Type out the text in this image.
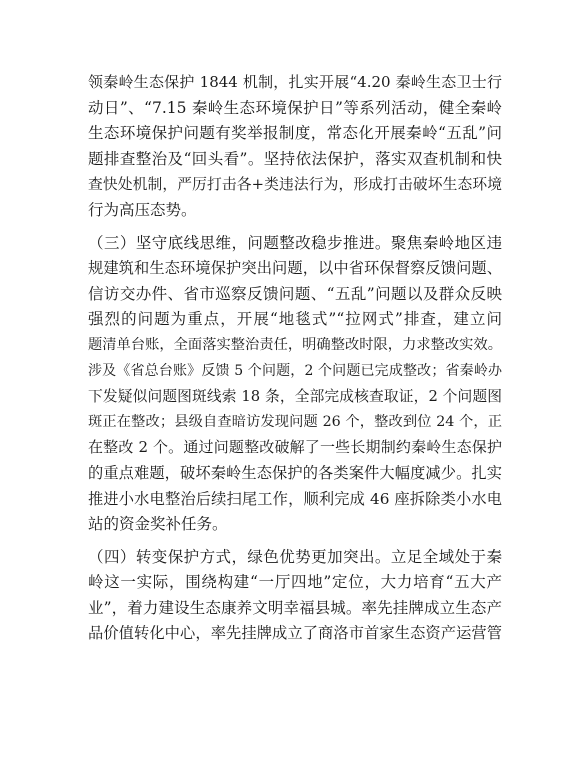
领秦岭生态保护 1844 机制，扎实开展“4.20 秦岭生态卫士行
动日”、“7.15 秦岭生态环境保护日”等系列活动，健全秦岭
生态环境保护问题有奖举报制度，常态化开展秦岭“五乱”问
题排查整治及“回头看”。坚持依法保护，落实双查机制和快
查快处机制，严厉打击各+类违法行为，形成打击破坏生态环境
行为高压态势。
（三）坚守底线思维，问题整改稳步推进。聚焦秦岭地区违
规建筑和生态环境保护突出问题，以中省环保督察反馈问题、
信访交办件、省市巡察反馈问题、“五乱”问题以及群众反映
强烈的问题为重点，开展“地毯式”“拉网式”排查，建立问
题清单台账，全面落实整治责任，明确整改时限，力求整改实效。
涉及《省总台账》反馈 5 个问题，2 个问题已完成整改；省秦岭办
下发疑似问题图斑线索 18 条，全部完成核查取证，2 个问题图
斑正在整改；县级自查暗访发现问题 26 个，整改到位 24 个，正
在整改 2 个。通过问题整改破解了一些长期制约秦岭生态保护
的重点难题，破坏秦岭生态保护的各类案件大幅度减少。扎实
推进小水电整治后续扫尾工作，顺利完成 46 座拆除类小水电
站的资金奖补任务。
（四）转变保护方式，绿色优势更加突出。立足全域处于秦
岭这一实际，围绕构建“一厅四地”定位，大力培育“五大产
业”，着力建设生态康养文明幸福县城。率先挂牌成立生态产
品价值转化中心，率先挂牌成立了商洛市首家生态资产运营管
